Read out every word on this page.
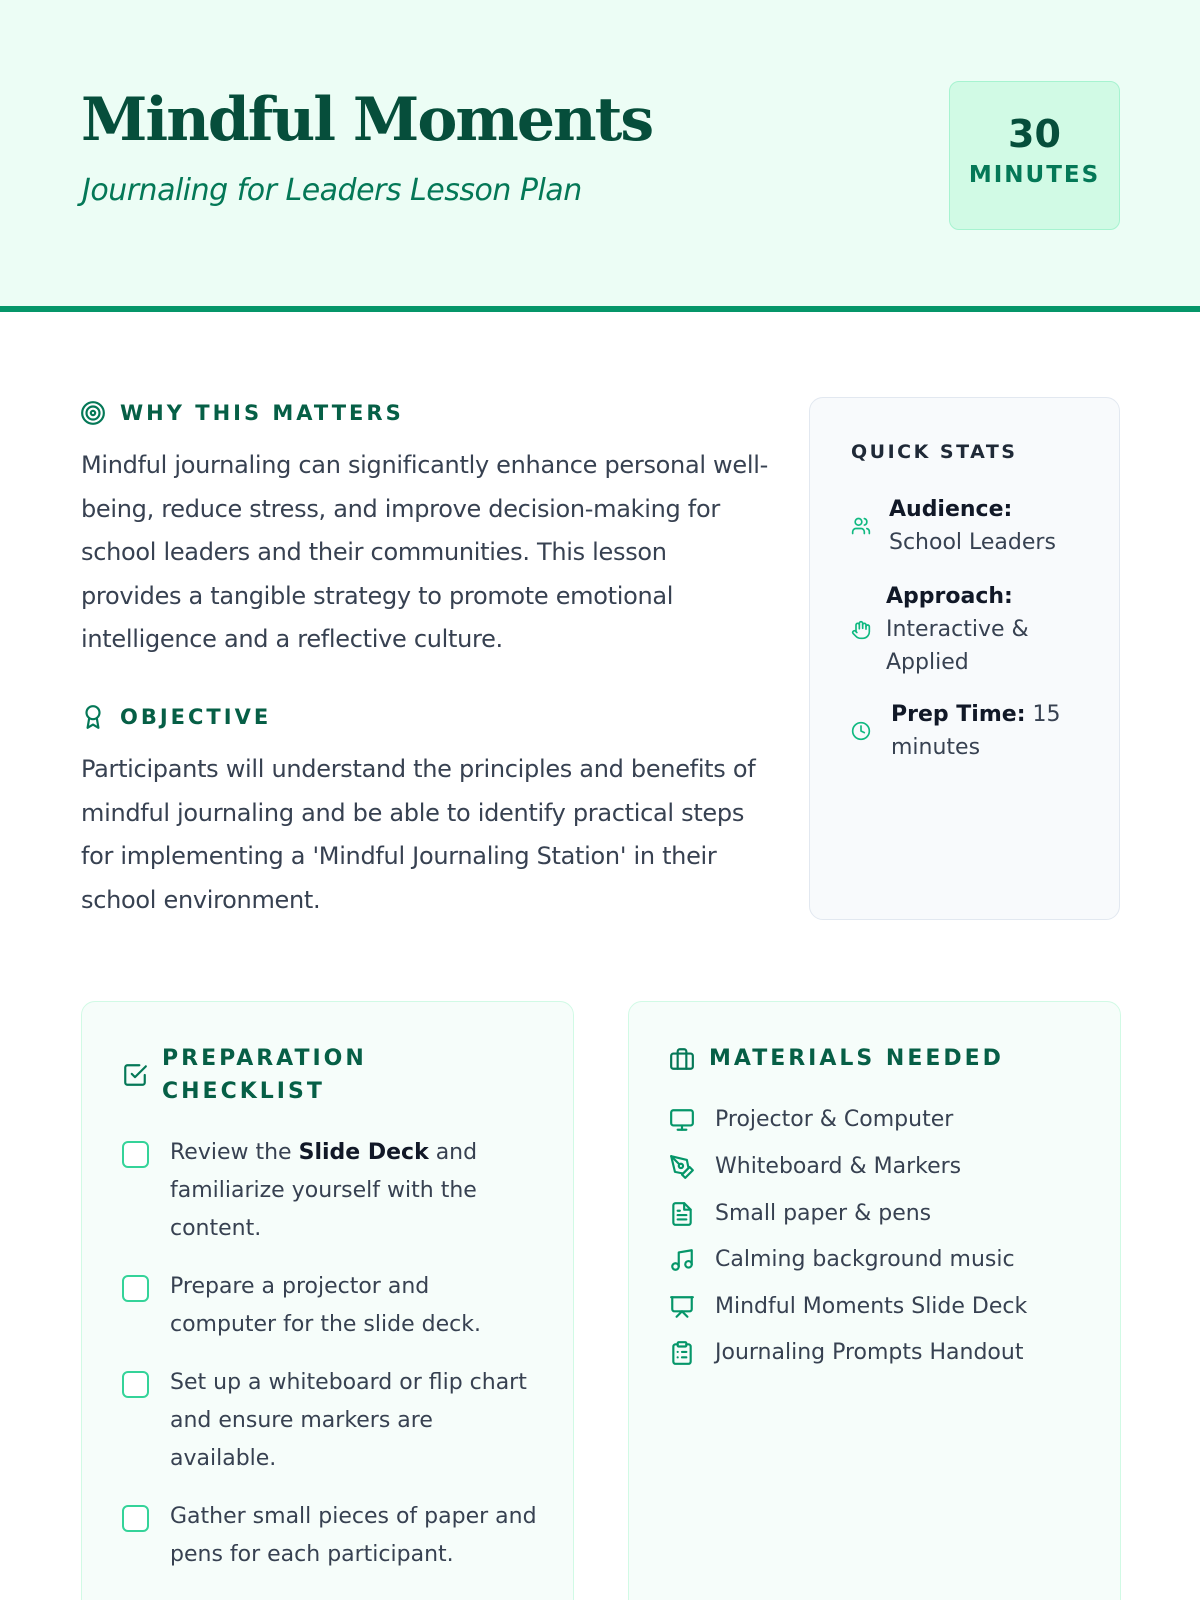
Mindful Moments
Journaling for Leaders Lesson Plan
30
MINUTES
WHY THIS MATTERS

Mindful journaling can significantly enhance personal well-being, reduce stress, and improve decision-making for school leaders and their communities. This lesson provides a tangible strategy to promote emotional intelligence and a reflective culture.

OBJECTIVE

Participants will understand the principles and benefits of mindful journaling and be able to identify practical steps for implementing a 'Mindful Journaling Station' in their school environment.

QUICK STATS
Audience:
School Leaders
Approach:
Interactive & Applied
Prep Time: 15 minutes
PREPARATION CHECKLIST
Review the Slide Deck and familiarize yourself with the content.
Prepare a projector and computer for the slide deck.
Set up a whiteboard or flip chart and ensure markers are available.
Gather small pieces of paper and pens for each participant.
MATERIALS NEEDED
Projector & Computer
Whiteboard & Markers
Small paper & pens
Calming background music
Mindful Moments Slide Deck
Journaling Prompts Handout
